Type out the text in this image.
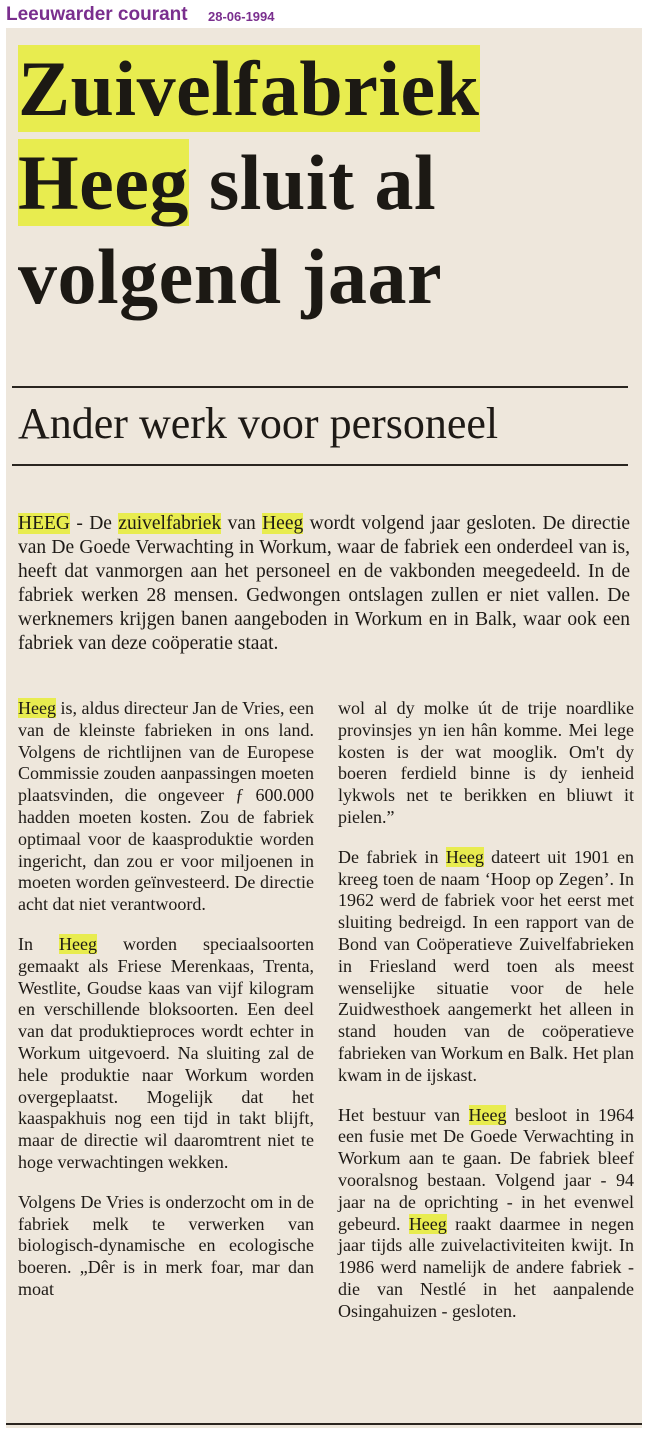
Leeuwarder courant 28-06-1994
Zuivelfabriek
Heeg sluit al
volgend jaar
Ander werk voor personeel
HEEG - De zuivelfabriek van Heeg wordt volgend jaar gesloten. De directie van De Goede Verwachting in Workum, waar de fabriek een onderdeel van is, heeft dat vanmorgen aan het personeel en de vakbonden meegedeeld. In de fabriek werken 28 mensen. Gedwongen ontslagen zullen er niet vallen. De werknemers krijgen banen aangeboden in Workum en in Balk, waar ook een fabriek van deze coöperatie staat.

Heeg is, aldus directeur Jan de Vries, een van de kleinste fabrieken in ons land. Volgens de richtlijnen van de Europese Commissie zouden aanpassingen moeten plaatsvinden, die ongeveer ƒ 600.000 hadden moeten kosten. Zou de fabriek optimaal voor de kaasproduktie worden ingericht, dan zou er voor miljoenen in moeten worden geïnvesteerd. De directie acht dat niet verantwoord.

In Heeg worden speciaalsoorten gemaakt als Friese Merenkaas, Trenta, Westlite, Goudse kaas van vijf kilogram en verschillende bloksoorten. Een deel van dat produktieproces wordt echter in Workum uitgevoerd. Na sluiting zal de hele produktie naar Workum worden overgeplaatst. Mogelijk dat het kaaspakhuis nog een tijd in takt blijft, maar de directie wil daaromtrent niet te hoge verwachtingen wekken.

Volgens De Vries is onderzocht om in de fabriek melk te verwerken van biologisch-dynamische en ecologische boeren. „Dêr is in merk foar, mar dan moat

wol al dy molke út de trije noardlike provinsjes yn ien hân komme. Mei lege kosten is der wat mooglik. Om't dy boeren ferdield binne is dy ienheid lykwols net te berikken en bliuwt it pielen.”

De fabriek in Heeg dateert uit 1901 en kreeg toen de naam ‘Hoop op Zegen’. In 1962 werd de fabriek voor het eerst met sluiting bedreigd. In een rapport van de Bond van Coöperatieve Zuivelfabrieken in Friesland werd toen als meest wenselijke situatie voor de hele Zuidwesthoek aangemerkt het alleen in stand houden van de coöperatieve fabrieken van Workum en Balk. Het plan kwam in de ijskast.

Het bestuur van Heeg besloot in 1964 een fusie met De Goede Verwachting in Workum aan te gaan. De fabriek bleef vooralsnog bestaan. Volgend jaar - 94 jaar na de oprichting - in het evenwel gebeurd. Heeg raakt daarmee in negen jaar tijds alle zuivelactiviteiten kwijt. In 1986 werd namelijk de andere fabriek - die van Nestlé in het aanpalende Osingahuizen - gesloten.
